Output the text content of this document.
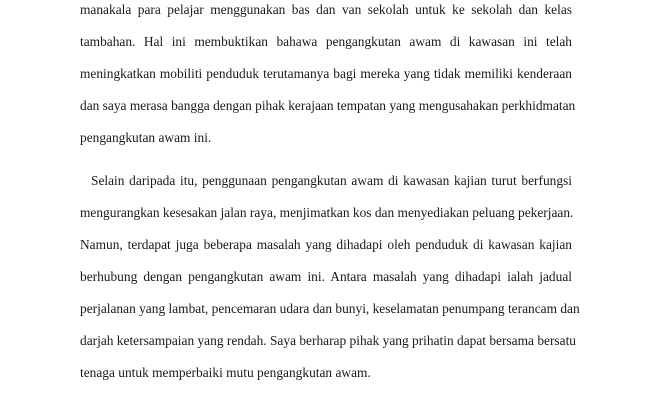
manakala para pelajar menggunakan bas dan van sekolah untuk ke sekolah dan kelas
tambahan. Hal ini membuktikan bahawa pengangkutan awam di kawasan ini telah
meningkatkan mobiliti penduduk terutamanya bagi mereka yang tidak memiliki kenderaan
dan saya merasa bangga dengan pihak kerajaan tempatan yang mengusahakan perkhidmatan
pengangkutan awam ini.
Selain daripada itu, penggunaan pengangkutan awam di kawasan kajian turut berfungsi
mengurangkan kesesakan jalan raya, menjimatkan kos dan menyediakan peluang pekerjaan.
Namun, terdapat juga beberapa masalah yang dihadapi oleh penduduk di kawasan kajian
berhubung dengan pengangkutan awam ini. Antara masalah yang dihadapi ialah jadual
perjalanan yang lambat, pencemaran udara dan bunyi, keselamatan penumpang terancam dan
darjah ketersampaian yang rendah. Saya berharap pihak yang prihatin dapat bersama bersatu
tenaga untuk memperbaiki mutu pengangkutan awam.
